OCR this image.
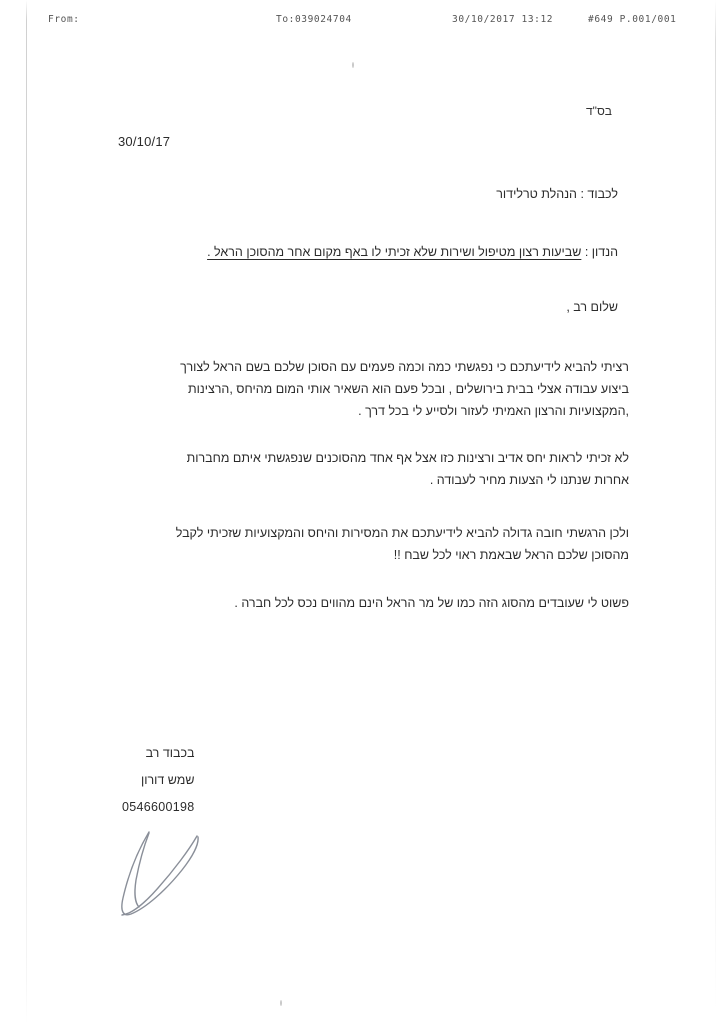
From:	To:039024704	30/10/2017 13:12	#649 P.001/001
בס"ד
30/10/17
לכבוד : הנהלת טרלידור
הנדון : שביעות רצון מטיפול ושירות שלא זכיתי לו באף מקום אחר מהסוכן הראל .
שלום רב ,
רציתי להביא לידיעתכם כי נפגשתי כמה וכמה פעמים עם הסוכן שלכם בשם הראל לצורך ביצוע עבודה אצלי בבית בירושלים , ובכל פעם הוא השאיר אותי המום מהיחס ,הרצינות ,המקצועיות והרצון האמיתי לעזור ולסייע לי בכל דרך .
לא זכיתי לראות יחס אדיב ורצינות כזו אצל אף אחד מהסוכנים שנפגשתי איתם מחברות אחרות שנתנו לי הצעות מחיר לעבודה .
ולכן הרגשתי חובה גדולה להביא לידיעתכם את המסירות והיחס והמקצועיות שזכיתי לקבל מהסוכן שלכם הראל שבאמת ראוי לכל שבח !!
פשוט לי שעובדים מהסוג הזה כמו של מר הראל הינם מהווים נכס לכל חברה .
בכבוד רב
שמש דורון
0546600198
